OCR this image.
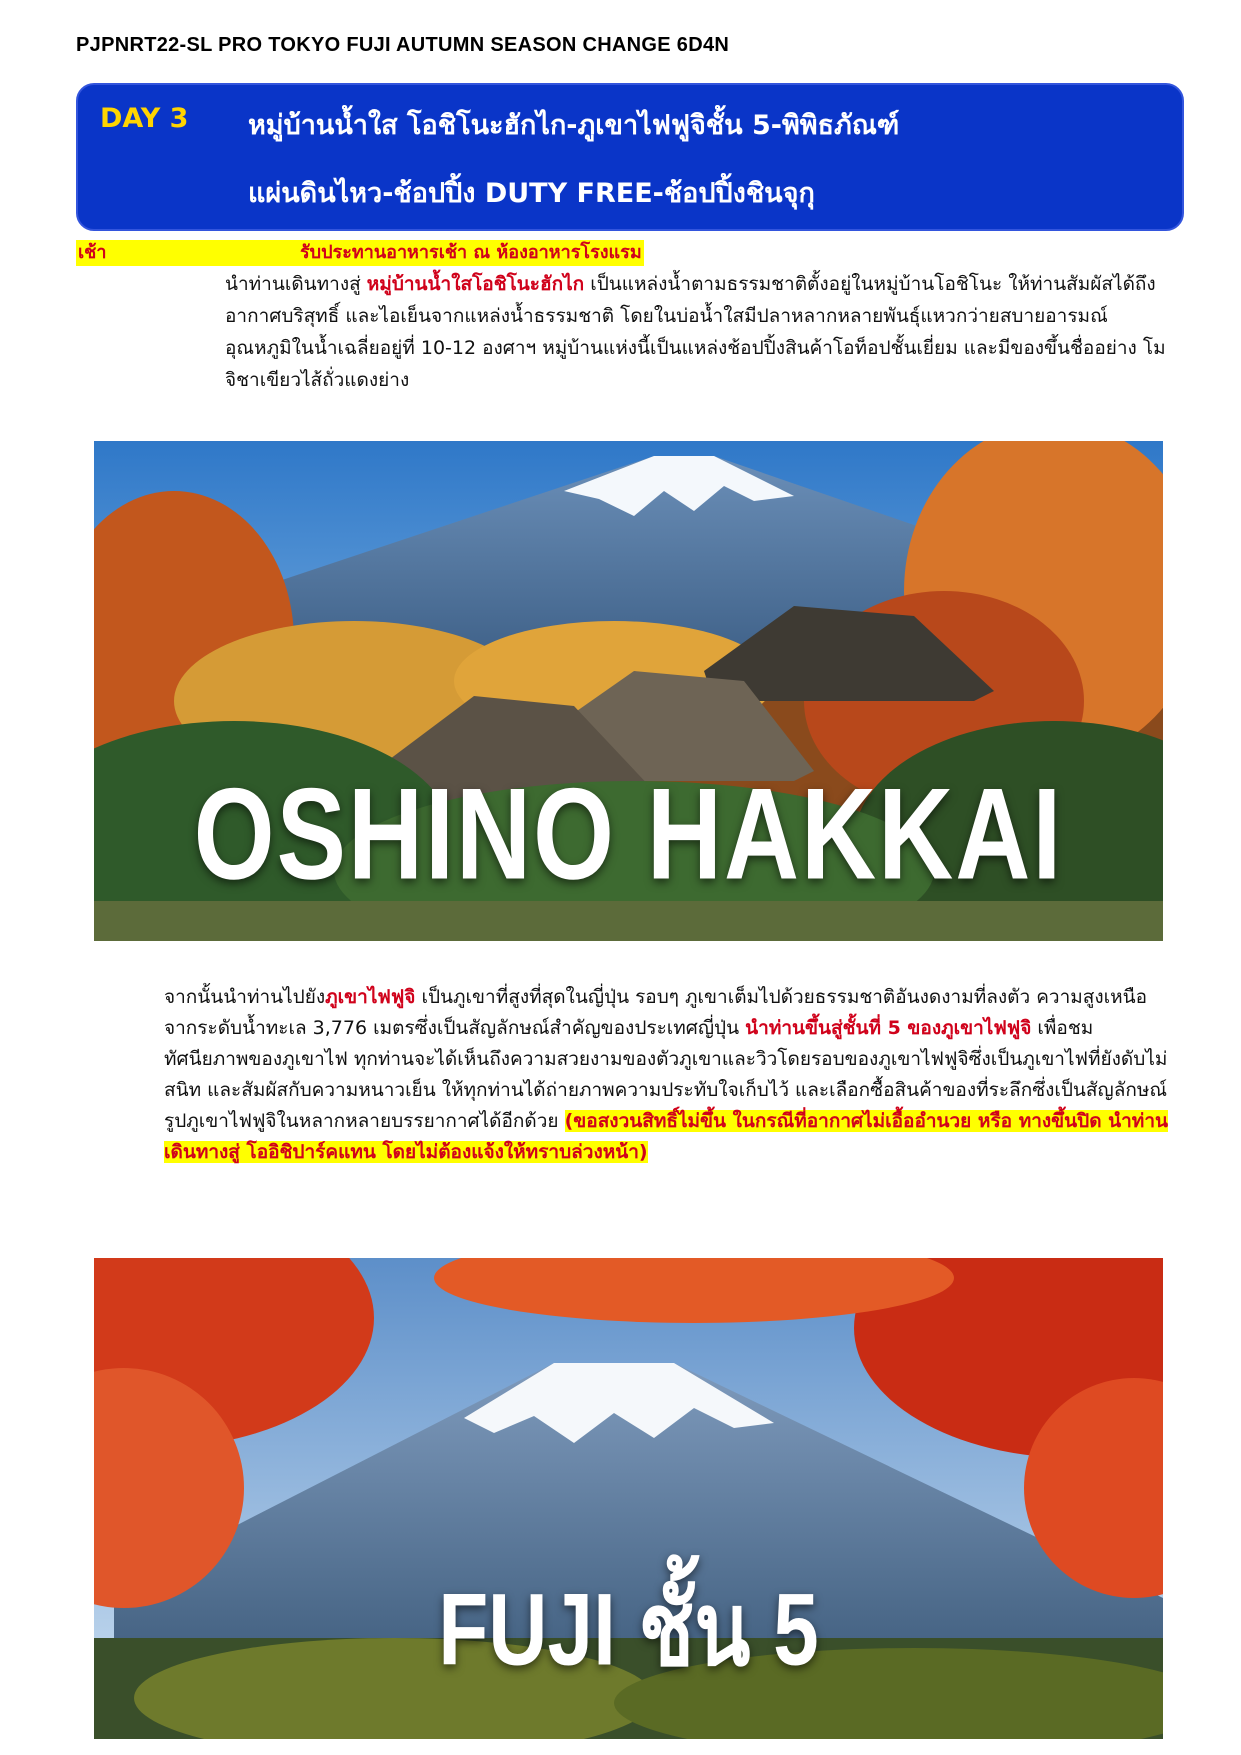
PJPNRT22-SL PRO TOKYO FUJI AUTUMN SEASON CHANGE 6D4N
DAY 3 หมู่บ้านน้ำใส โอชิโนะฮักไก-ภูเขาไฟฟูจิชั้น 5-พิพิธภัณฑ์
แผ่นดินไหว-ช้อปปิ้ง DUTY FREE-ช้อปปิ้งชินจุกุ
เช้า	รับประทานอาหารเช้า ณ ห้องอาหารโรงแรม
นำท่านเดินทางสู่ หมู่บ้านน้ำใสโอชิโนะฮักไก เป็นแหล่งน้ำตามธรรมชาติตั้งอยู่ในหมู่บ้านโอชิโนะ ให้ท่านสัมผัสได้ถึงอากาศบริสุทธิ์ และไอเย็นจากแหล่งน้ำธรรมชาติ โดยในบ่อน้ำใสมีปลาหลากหลายพันธุ์แหวกว่ายสบายอารมณ์ อุณหภูมิในน้ำเฉลี่ยอยู่ที่ 10-12 องศาฯ หมู่บ้านแห่งนี้เป็นแหล่งช้อปปิ้งสินค้าโอท็อปชั้นเยี่ยม และมีของขึ้นชื่ออย่าง โมจิชาเขียวไส้ถั่วแดงย่าง
OSHINO HAKKAI
จากนั้นนำท่านไปยังภูเขาไฟฟูจิ เป็นภูเขาที่สูงที่สุดในญี่ปุ่น รอบๆ ภูเขาเต็มไปด้วยธรรมชาติอันงดงามที่ลงตัว ความสูงเหนือจากระดับน้ำทะเล 3,776 เมตรซึ่งเป็นสัญลักษณ์สำคัญของประเทศญี่ปุ่น นำท่านขึ้นสู่ชั้นที่ 5 ของภูเขาไฟฟูจิ เพื่อชมทัศนียภาพของภูเขาไฟ ทุกท่านจะได้เห็นถึงความสวยงามของตัวภูเขาและวิวโดยรอบของภูเขาไฟฟูจิซึ่งเป็นภูเขาไฟที่ยังดับไม่สนิท และสัมผัสกับความหนาวเย็น ให้ทุกท่านได้ถ่ายภาพความประทับใจเก็บไว้ และเลือกซื้อสินค้าของที่ระลึกซึ่งเป็นสัญลักษณ์รูปภูเขาไฟฟูจิในหลากหลายบรรยากาศได้อีกด้วย (ขอสงวนสิทธิ์ไม่ขึ้น ในกรณีที่อากาศไม่เอื้ออำนวย หรือ ทางขึ้นปิด นำท่านเดินทางสู่ โออิชิปาร์คแทน โดยไม่ต้องแจ้งให้ทราบล่วงหน้า)
FUJI ชั้น 5
